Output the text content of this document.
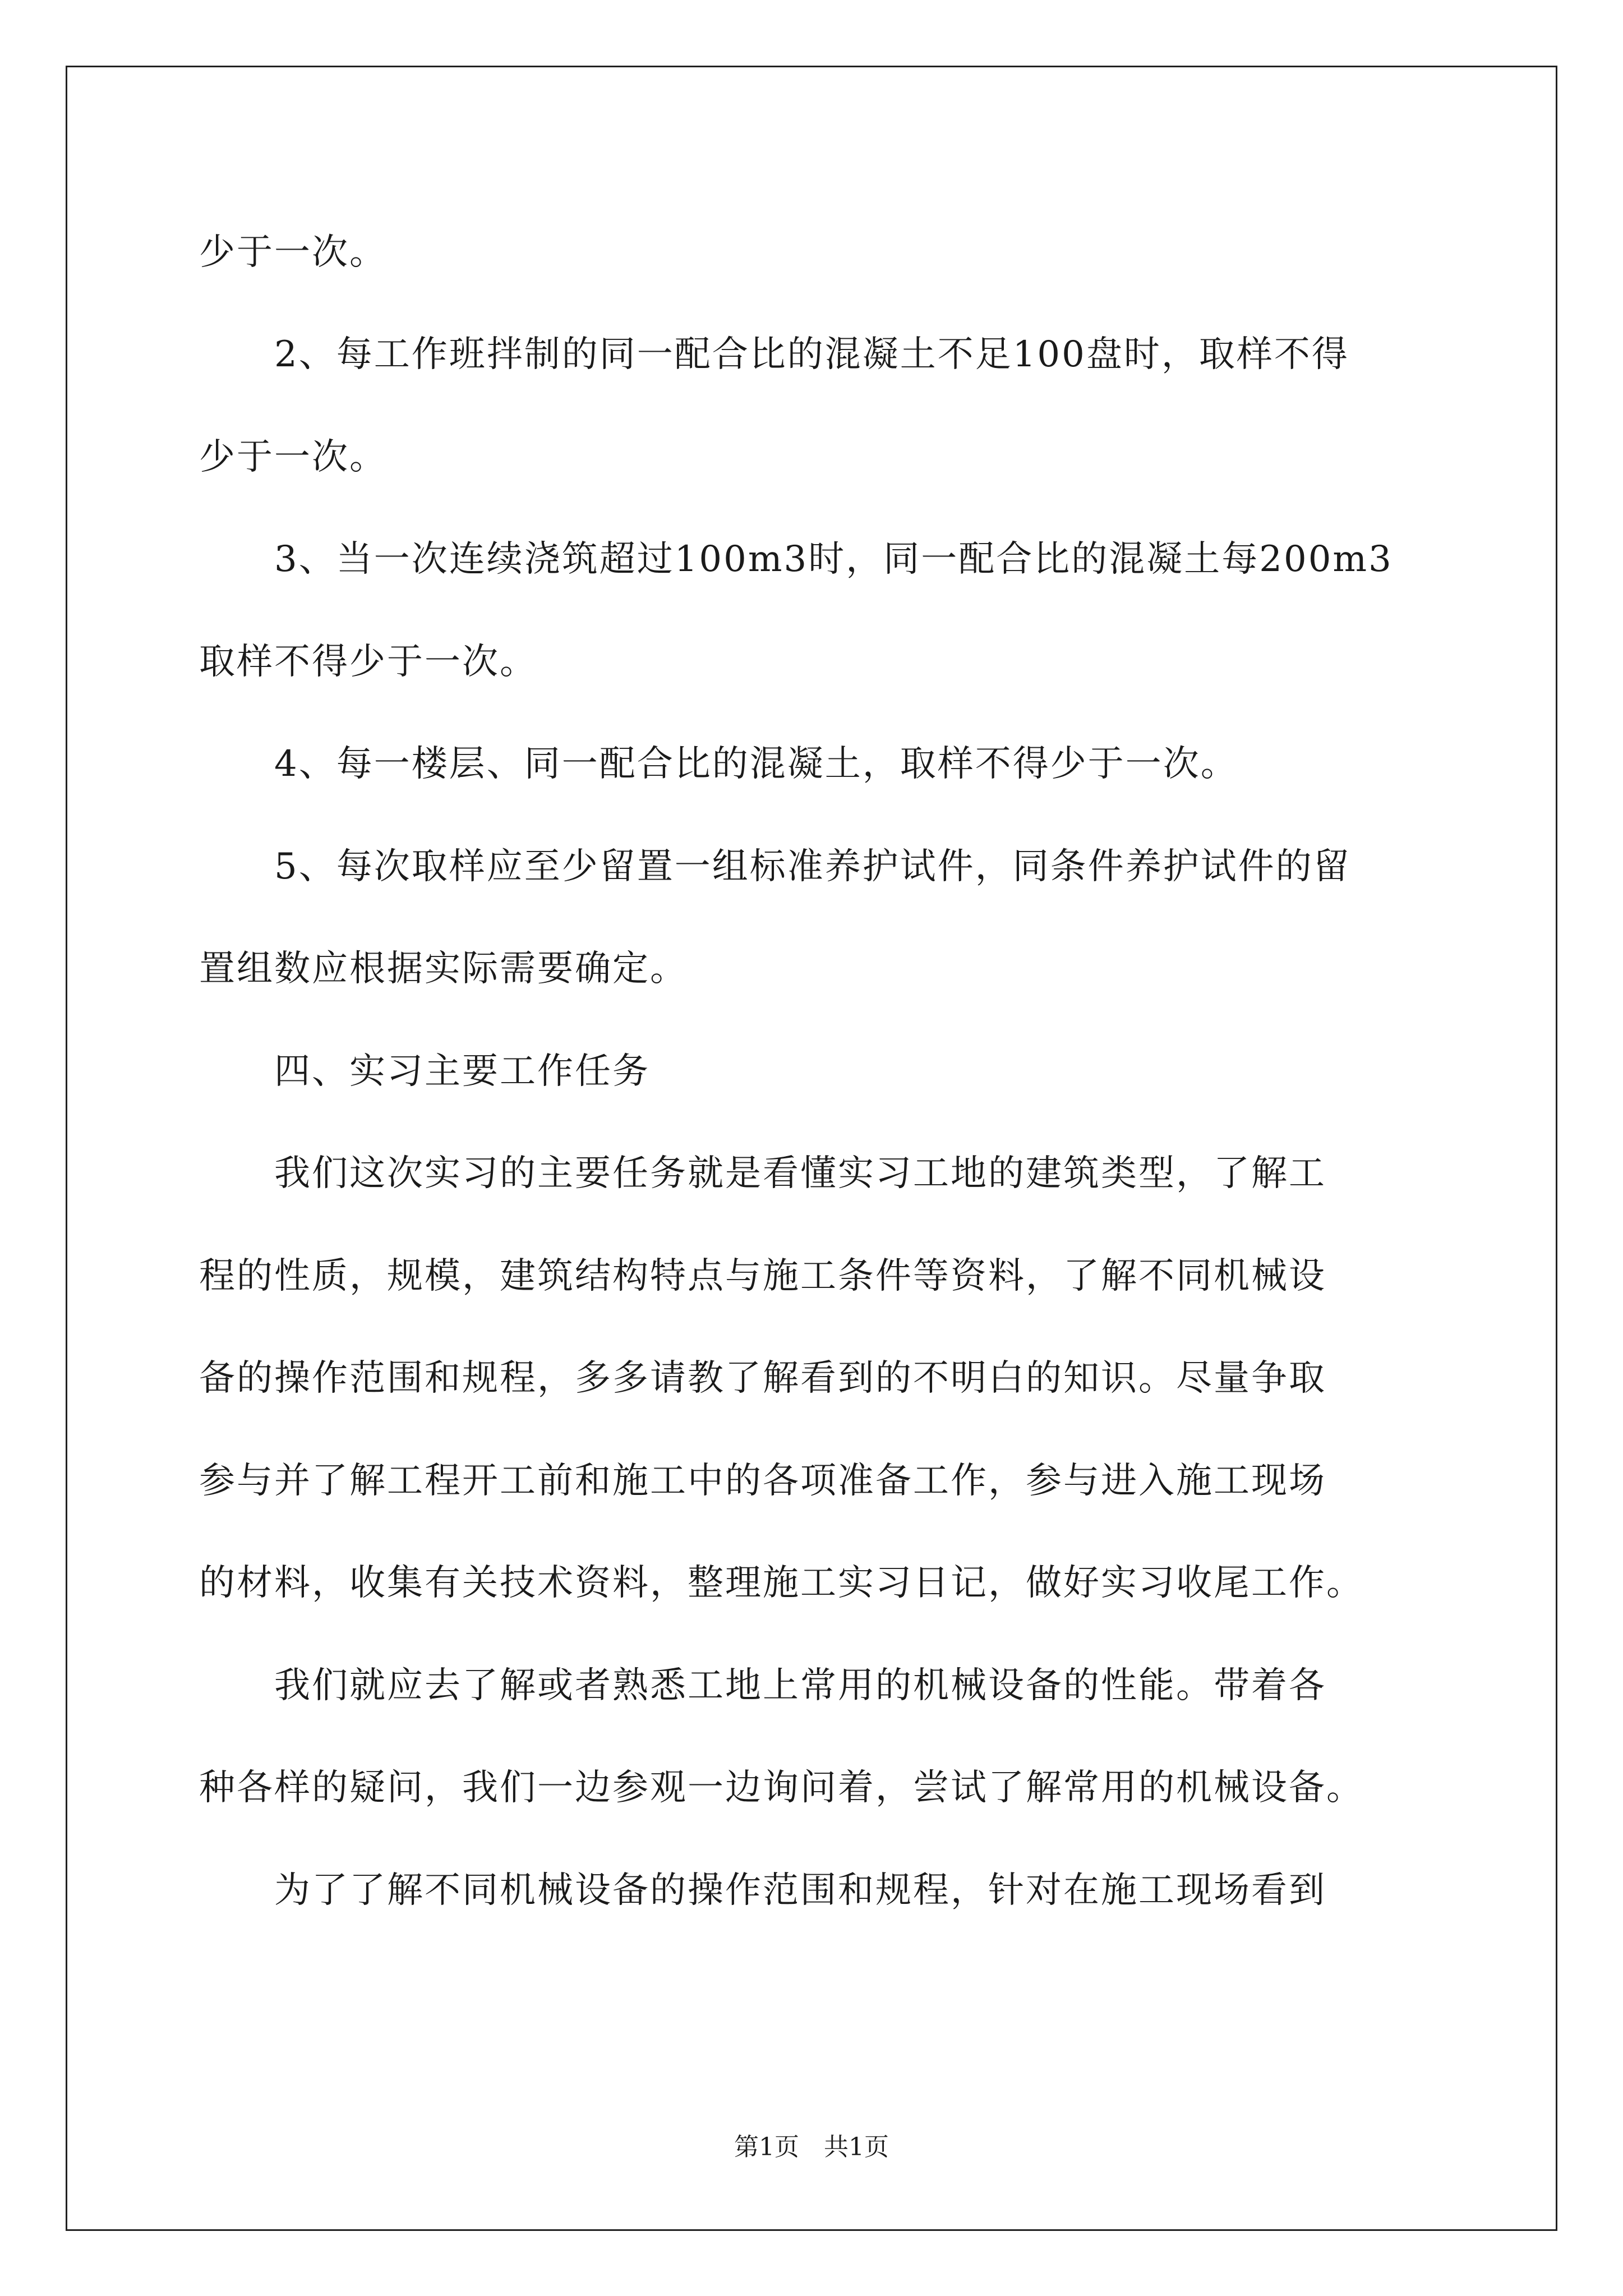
少于一次。
　　2、每工作班拌制的同一配合比的混凝土不足100盘时，取样不得
少于一次。
　　3、当一次连续浇筑超过100m3时，同一配合比的混凝土每200m3
取样不得少于一次。
　　4、每一楼层、同一配合比的混凝土，取样不得少于一次。
　　5、每次取样应至少留置一组标准养护试件，同条件养护试件的留
置组数应根据实际需要确定。
　　四、实习主要工作任务
　　我们这次实习的主要任务就是看懂实习工地的建筑类型，了解工
程的性质，规模，建筑结构特点与施工条件等资料，了解不同机械设
备的操作范围和规程，多多请教了解看到的不明白的知识。尽量争取
参与并了解工程开工前和施工中的各项准备工作，参与进入施工现场
的材料，收集有关技术资料，整理施工实习日记，做好实习收尾工作。
　　我们就应去了解或者熟悉工地上常用的机械设备的性能。带着各
种各样的疑问，我们一边参观一边询问着，尝试了解常用的机械设备。
　　为了了解不同机械设备的操作范围和规程，针对在施工现场看到
第1页　共1页
